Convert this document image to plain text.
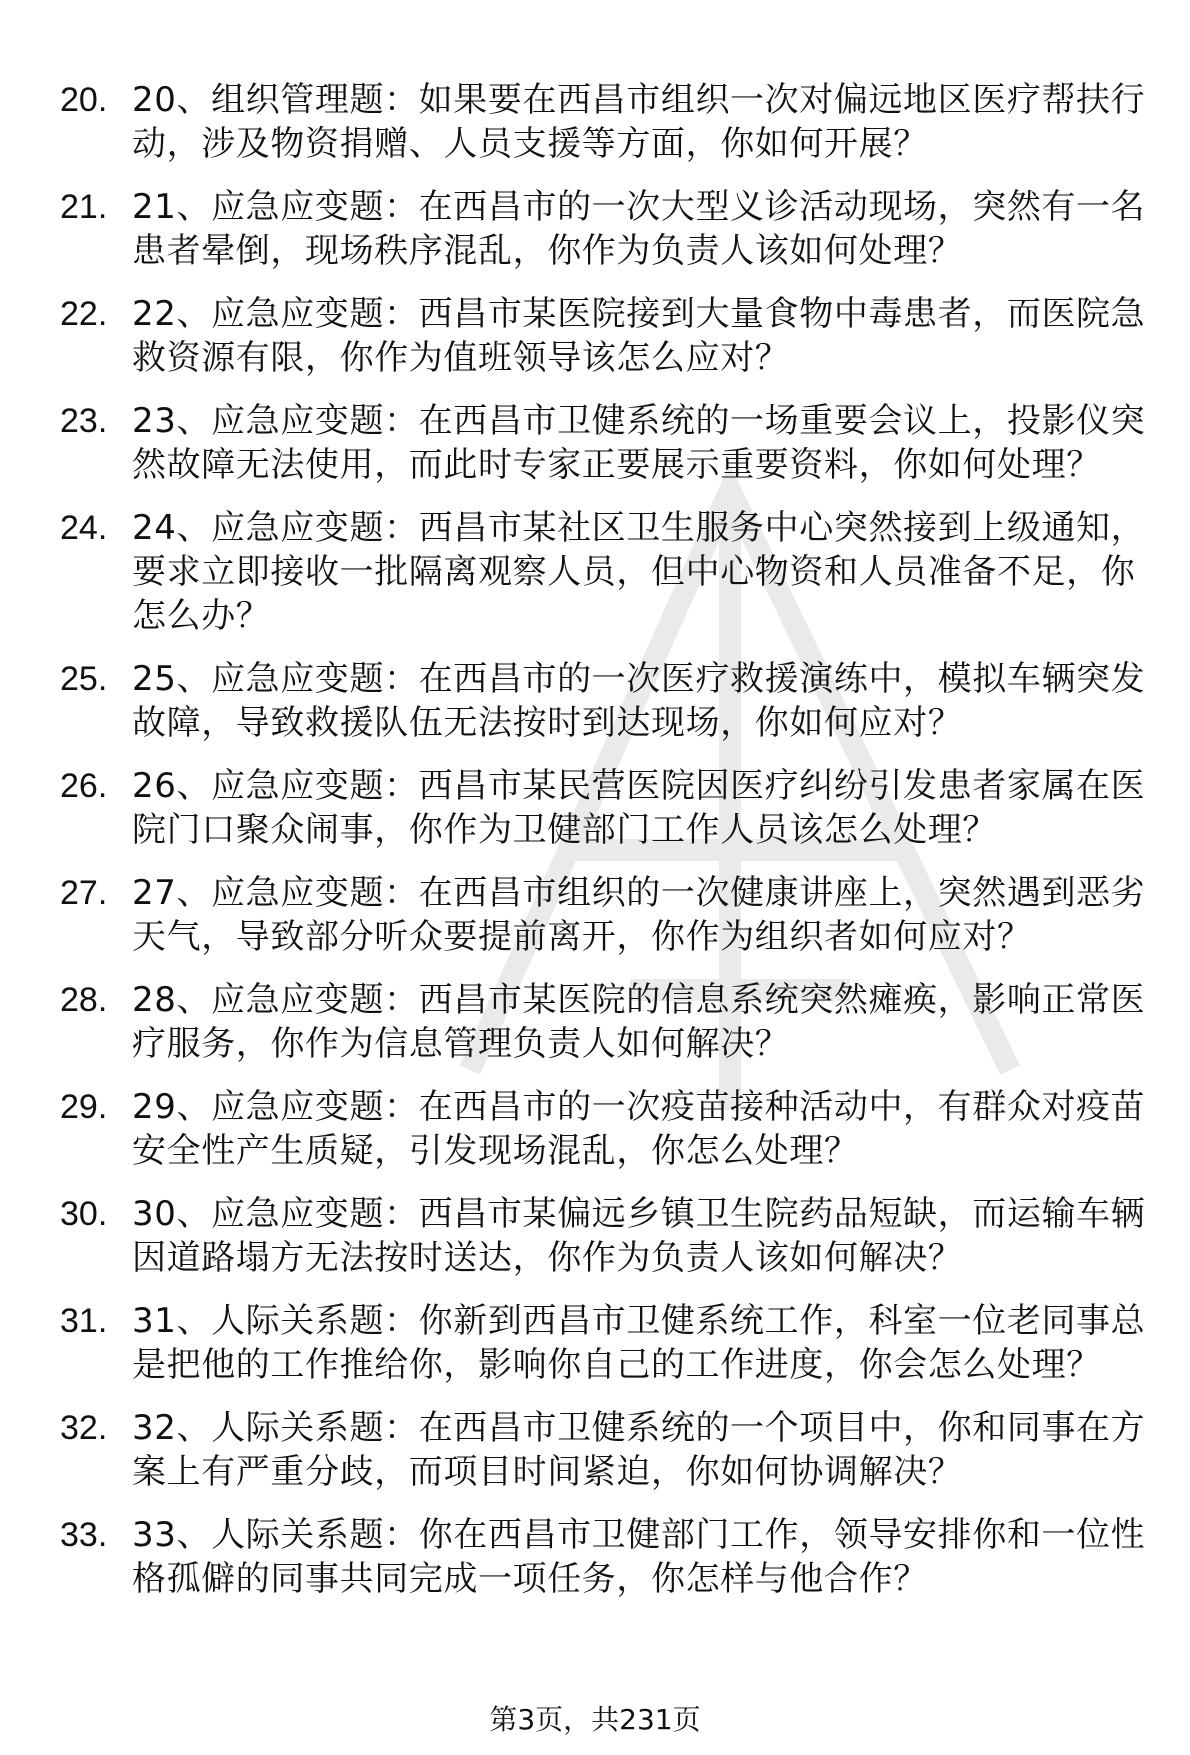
20. 20、组织管理题：如果要在西昌市组织一次对偏远地区医疗帮扶行动，涉及物资捐赠、人员支援等方面，你如何开展？
21. 21、应急应变题：在西昌市的一次大型义诊活动现场，突然有一名患者晕倒，现场秩序混乱，你作为负责人该如何处理？
22. 22、应急应变题：西昌市某医院接到大量食物中毒患者，而医院急救资源有限，你作为值班领导该怎么应对？
23. 23、应急应变题：在西昌市卫健系统的一场重要会议上，投影仪突然故障无法使用，而此时专家正要展示重要资料，你如何处理？
24. 24、应急应变题：西昌市某社区卫生服务中心突然接到上级通知，要求立即接收一批隔离观察人员，但中心物资和人员准备不足，你怎么办？
25. 25、应急应变题：在西昌市的一次医疗救援演练中，模拟车辆突发故障，导致救援队伍无法按时到达现场，你如何应对？
26. 26、应急应变题：西昌市某民营医院因医疗纠纷引发患者家属在医院门口聚众闹事，你作为卫健部门工作人员该怎么处理？
27. 27、应急应变题：在西昌市组织的一次健康讲座上，突然遇到恶劣天气，导致部分听众要提前离开，你作为组织者如何应对？
28. 28、应急应变题：西昌市某医院的信息系统突然瘫痪，影响正常医疗服务，你作为信息管理负责人如何解决？
29. 29、应急应变题：在西昌市的一次疫苗接种活动中，有群众对疫苗安全性产生质疑，引发现场混乱，你怎么处理？
30. 30、应急应变题：西昌市某偏远乡镇卫生院药品短缺，而运输车辆因道路塌方无法按时送达，你作为负责人该如何解决？
31. 31、人际关系题：你新到西昌市卫健系统工作，科室一位老同事总是把他的工作推给你，影响你自己的工作进度，你会怎么处理？
32. 32、人际关系题：在西昌市卫健系统的一个项目中，你和同事在方案上有严重分歧，而项目时间紧迫，你如何协调解决？
33. 33、人际关系题：你在西昌市卫健部门工作，领导安排你和一位性格孤僻的同事共同完成一项任务，你怎样与他合作？
第3页，共231页
